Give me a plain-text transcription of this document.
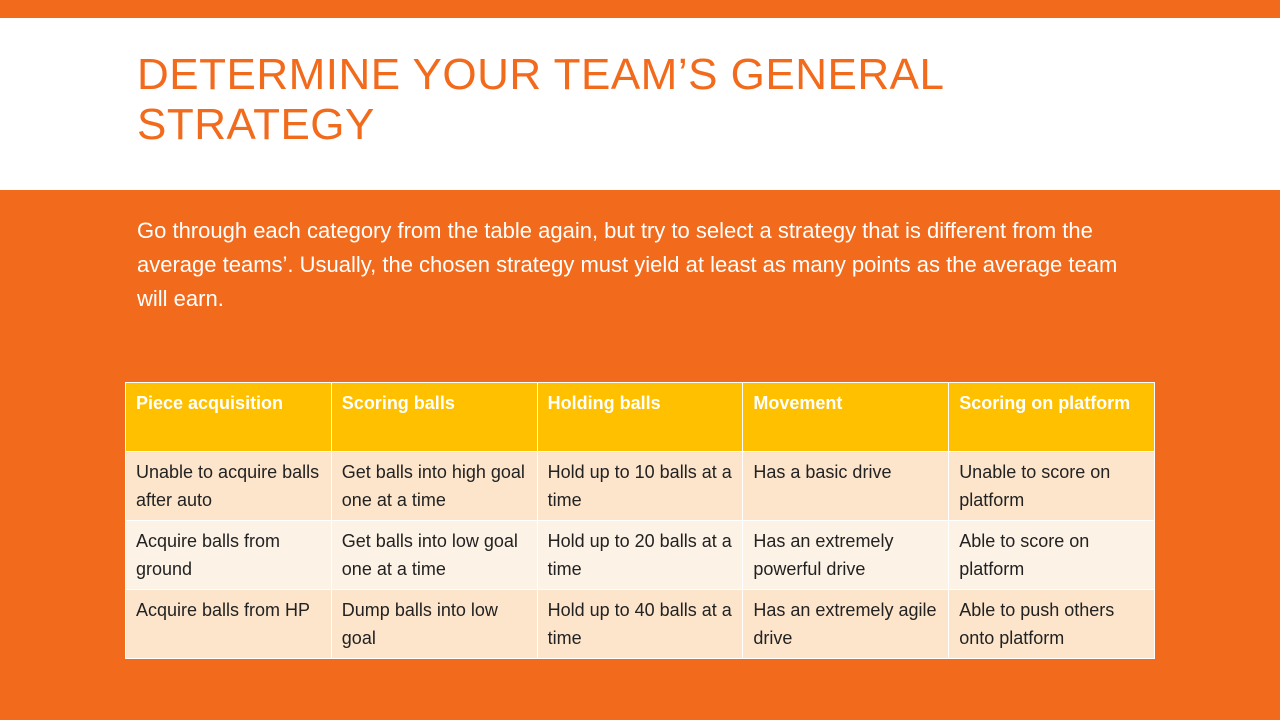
DETERMINE YOUR TEAM’S GENERAL STRATEGY

Go through each category from the table again, but try to select a strategy that is different from the average teams’. Usually, the chosen strategy must yield at least as many points as the average team will earn.

Piece acquisition	Scoring balls	Holding balls	Movement	Scoring on platform
Unable to acquire balls after auto	Get balls into high goal one at a time	Hold up to 10 balls at a time	Has a basic drive	Unable to score on platform
Acquire balls from ground	Get balls into low goal one at a time	Hold up to 20 balls at a time	Has an extremely powerful drive	Able to score on platform
Acquire balls from HP	Dump balls into low goal	Hold up to 40 balls at a time	Has an extremely agile drive	Able to push others onto platform
